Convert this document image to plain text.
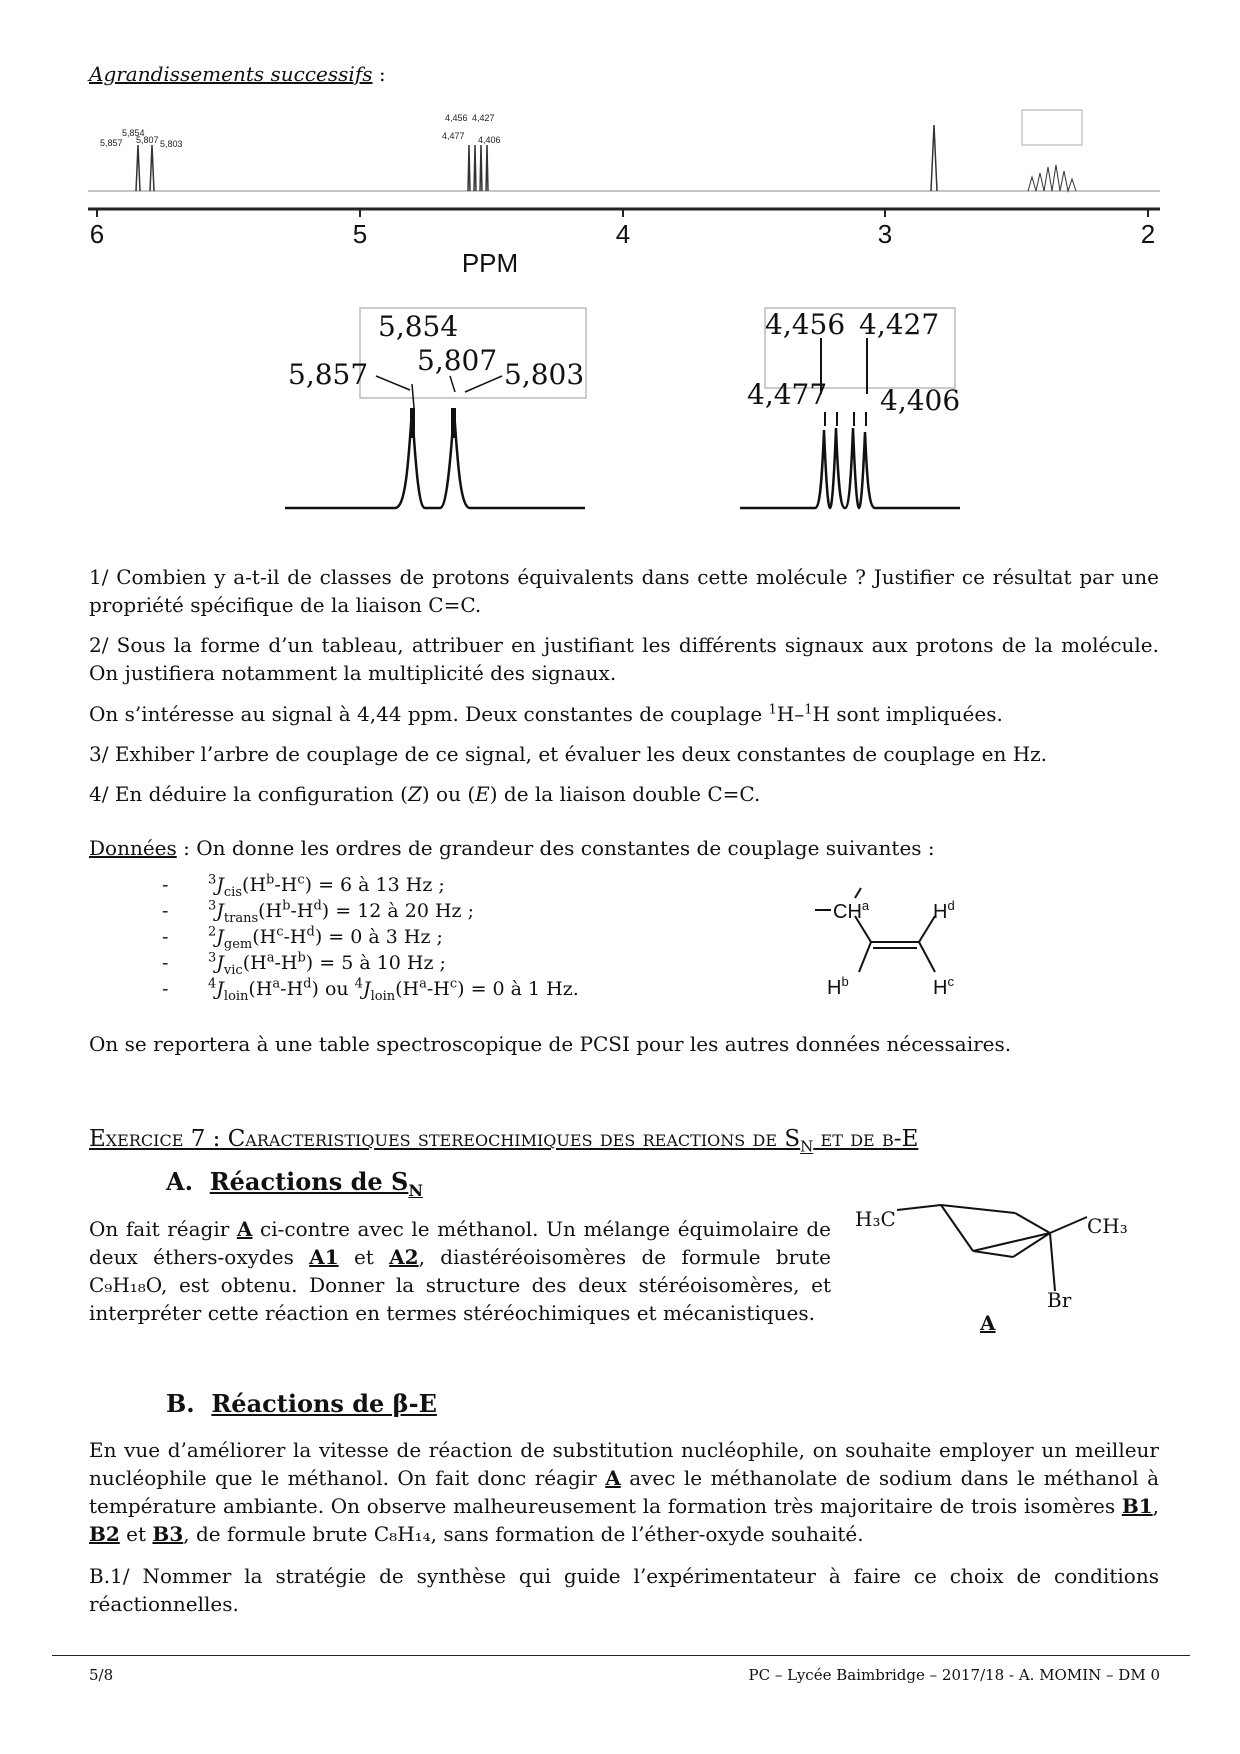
Agrandissements successifs :
6	5	4	3	2
PPM
5,854
5,857 5,807 5,803
4,456 4,427
4,477 4,406
5,854
5,857 5,807 5,803
4,456 4,427
4,477 4,406
1/ Combien y a-t-il de classes de protons équivalents dans cette molécule ? Justifier ce résultat par une propriété spécifique de la liaison C=C.
2/ Sous la forme d’un tableau, attribuer en justifiant les différents signaux aux protons de la molécule. On justifiera notamment la multiplicité des signaux.
On s’intéresse au signal à 4,44 ppm. Deux constantes de couplage $^1$H–$^1$H sont impliquées.
3/ Exhiber l’arbre de couplage de ce signal, et évaluer les deux constantes de couplage en Hz.
4/ En déduire la configuration (Z) ou (E) de la liaison double C=C.
Données : On donne les ordres de grandeur des constantes de couplage suivantes :
-	$^3J_{cis}(H^b-H^c) = 6$ à 13 Hz ;
-	$^3J_{trans}(H^b-H^d) = 12$ à 20 Hz ;
-	$^2J_{gem}(H^c-H^d) = 0$ à 3 Hz ;
-	$^3J_{vic}(H^a-H^b) = 5$ à 10 Hz ;
-	$^4J_{loin}(H^a-H^d)$ ou $^4J_{loin}(H^a-H^c) = 0$ à 1 Hz.
$CH^a$	$H^d$
$H^b$	$H^c$
On se reportera à une table spectroscopique de PCSI pour les autres données nécessaires.
Exercice 7 : Caracteristiques stereochimiques des reactions de $S_N$ et de β-E
A. Réactions de $S_N$
On fait réagir A ci-contre avec le méthanol. Un mélange équimolaire de deux éthers-oxydes A1 et A2, diastéréoisomères de formule brute C₉H₁₈O, est obtenu. Donner la structure des deux stéréoisomères, et interpréter cette réaction en termes stéréochimiques et mécanistiques.
H₃C	CH₃
Br
A
B. Réactions de β-E
En vue d’améliorer la vitesse de réaction de substitution nucléophile, on souhaite employer un meilleur nucléophile que le méthanol. On fait donc réagir A avec le méthanolate de sodium dans le méthanol à température ambiante. On observe malheureusement la formation très majoritaire de trois isomères B1, B2 et B3, de formule brute C₈H₁₄, sans formation de l’éther-oxyde souhaité.
B.1/ Nommer la stratégie de synthèse qui guide l’expérimentateur à faire ce choix de conditions réactionnelles.
5/8	PC – Lycée Baimbridge – 2017/18 - A. MOMIN – DM 0
